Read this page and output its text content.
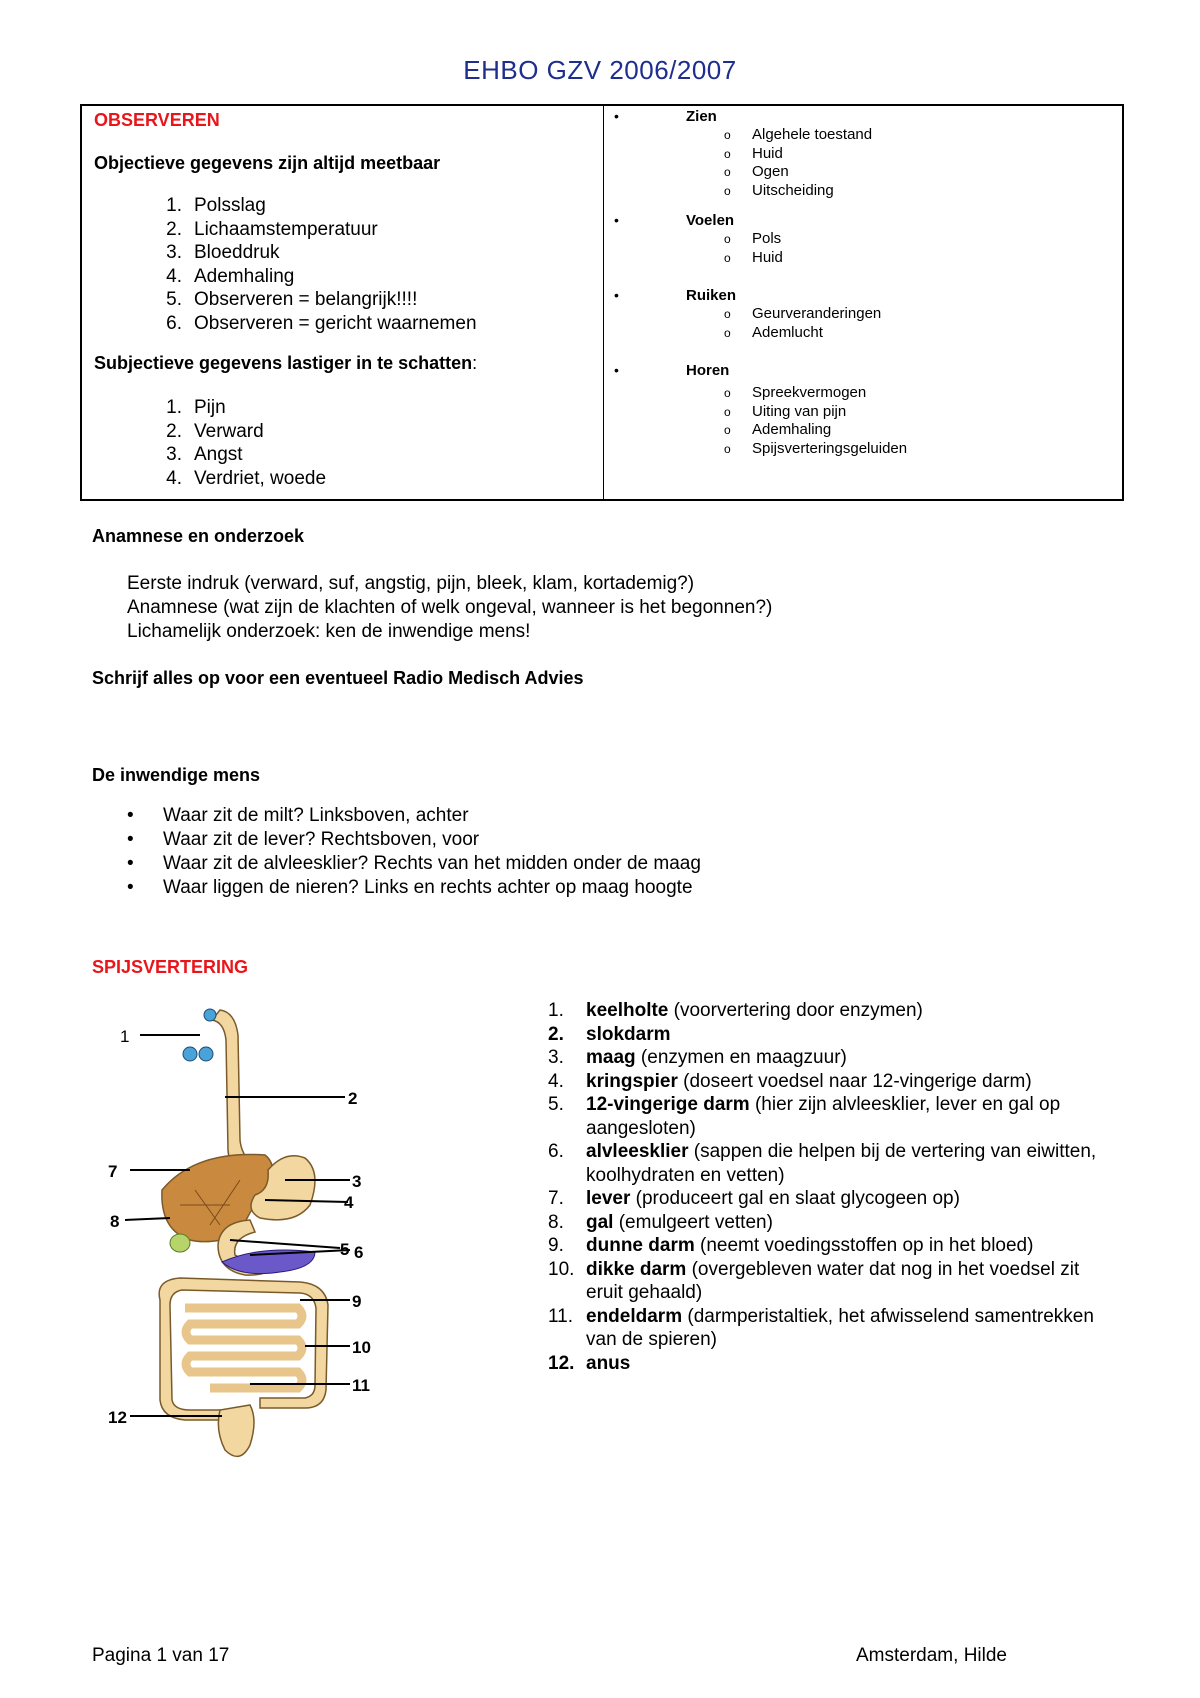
EHBO GZV 2006/2007
OBSERVEREN
Objectieve gegevens zijn altijd meetbaar
1. Polsslag
2. Lichaamstemperatuur
3. Bloeddruk
4. Ademhaling
5. Observeren = belangrijk!!!!
6. Observeren = gericht waarnemen
Subjectieve gegevens lastiger in te schatten:
1. Pijn
2. Verward
3. Angst
4. Verdriet, woede
•	Zien
o Algehele toestand
o Huid
o Ogen
o Uitscheiding
•	Voelen
o Pols
o Huid
•	Ruiken
o Geurveranderingen
o Ademlucht
•	Horen
o Spreekvermogen
o Uiting van pijn
o Ademhaling
o Spijsverteringsgeluiden
Anamnese en onderzoek
Eerste indruk (verward, suf, angstig, pijn, bleek, klam, kortademig?)
Anamnese (wat zijn de klachten of welk ongeval, wanneer is het begonnen?)
Lichamelijk onderzoek: ken de inwendige mens!
Schrijf alles op voor een eventueel Radio Medisch Advies
De inwendige mens
• Waar zit de milt? Linksboven, achter
• Waar zit de lever? Rechtsboven, voor
• Waar zit de alvleesklier? Rechts van het midden onder de maag
• Waar liggen de nieren? Links en rechts achter op maag hoogte
SPIJSVERTERING
1
2
3
4
6
7
8
5
9
10
11
12
1.	keelholte (voorvertering door enzymen)
2.	slokdarm
3.	maag (enzymen en maagzuur)
4.	kringspier (doseert voedsel naar 12-vingerige darm)
5.	12-vingerige darm (hier zijn alvleesklier, lever en gal op aangesloten)
6.	alvleesklier (sappen die helpen bij de vertering van eiwitten, koolhydraten en vetten)
7.	lever (produceert gal en slaat glycogeen op)
8.	gal (emulgeert vetten)
9.	dunne darm (neemt voedingsstoffen op in het bloed)
10. dikke darm (overgebleven water dat nog in het voedsel zit eruit gehaald)
11. endeldarm (darmperistaltiek, het afwisselend samentrekken van de spieren)
12. anus
Pagina 1 van 17	Amsterdam, Hilde
